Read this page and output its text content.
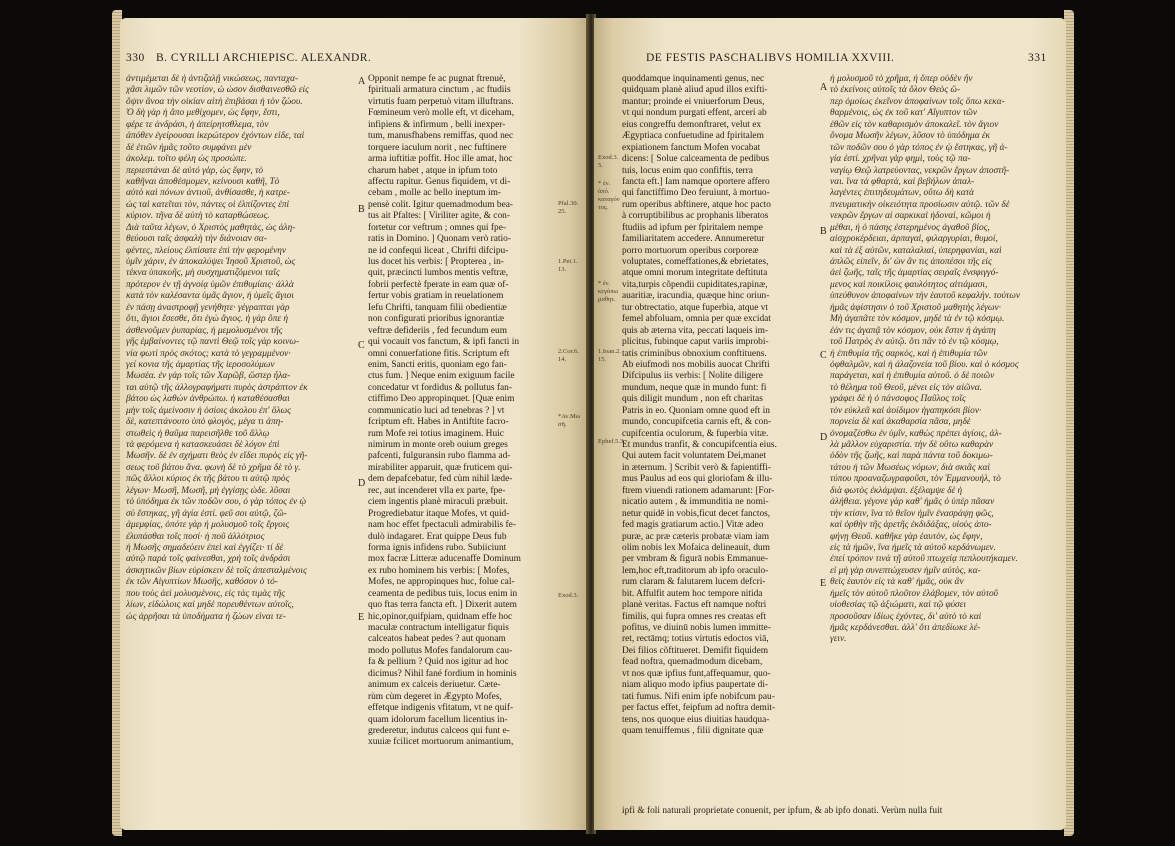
330 B. CYRILLI ARCHIEPISC. ALEXANDR.
ἀντιμέμεται δὲ ἡ ἀντιζαλῇ νικώσεως, πανταχα-
χᾶσι λιμῶν τῶν νεοτίον, ὡ ὡσον δισθαινεσθῶ εἰς
ὄψιν ἄνοα τὴν οἰκίαν αἰτὴ ἐπιβάσαι ἡ τὸν ζώου.
Ὁ δὴ γὰρ ἡ ἄπο μεθίχομεν, ὡς ἔφην, ἔστι,
φέρε τε ἀνδράσι, ἡ ἀπείρητσθλεμα, τὸν
ἀπόθεν ἐγείρουσαι ἱκερώτερον ἐχόντων εἶδε, ταὶ
δὲ ἐτιῶν ἡμᾶς τοῦτο συμφάνει μὲν
ἀκολεμ. τοῖτο φέλη ὡς προσώπε.
περιεστάναι δὲ αὐτό γὰρ, ὡς ἔφην, τὸ
καθῆναι ἀποθέσμομεν, κείνουσι καθῆ, Τὸ
αὐτὸ καὶ πόνων ἀντιοῦ, ἀνθίσασθε, ἡ κατρε-
ὡς ταὶ κατεῖται τὸν, πάντες οἱ ἐλπίζοντες ἐπὶ
κύριον. τῆνα δὲ αὐτὴ τὸ καταρθώσεως.
Διὰ ταῦτα λέγων, ὁ Χριστὸς μαθητὰς, ὡς ἀλη-
θεύουσι ταῖς ἀσφαλὴ τὴν διάνοιαν σα-
φέντες, πλείους ἐλπίσατε ἐπὶ τὴν φερομένην
ὑμῖν χάριν, ἐν ἀποκαλύψει Ἰησοῦ Χριστοῦ, ὡς
τέκνα ὑπακοῆς, μὴ συσχηματιζόμενοι ταῖς
πρότερον ἐν τῇ ἀγνοίᾳ ὑμῶν ἐπιθυμίαις· ἀλλὰ
κατὰ τὸν καλέσαντα ὑμᾶς ἅγιον, ἡ ὑμεῖς ἅγιοι
ἐν πάσῃ ἀναστροφῇ γενήθητε· γέγραπται γὰρ
ὅτι, ἅγιοι ἔσεσθε, ὅτι ἐγὼ ἅγιος. ἡ γὰρ ὅπε ἡ
ἀσθενοῦμεν ῥυπαρίας, ἡ μεμολυσμένοι τῆς
γῆς ἐμβαίνοντες τῷ παντὶ Θεῷ τοῖς γὰρ κοινω-
νία φωτὶ πρὸς σκότος; κατὰ τὸ γεγραμμένον·
γεί κονια τῆς ἁμαρτίας τῆς ἱεροσολύμων
Μωσέα. ἐν γὰρ τοῖς τῶν Χαρῶβ, ὥστερ ἦλα-
ται αὐτῷ τῆς ἀλλογραφήματι πυρὸς ἀστράπτον ἐκ
βάτου ὡς λαθὼν ἀνθρώπω. ἡ καταθέσασθαι
μὴν τοῖς ἀμείνοσιν ἡ ὁσίοις ἀκολου ἐπ' ὅλως
δὲ, κατεπτάνουτο ὑπὸ φλογὸς, μέγα τι ἀπη-
στωθεὶς ἡ θαῦμα παρεισῆλθε τοῦ ἄλλῳ
τὰ φερόμενα ἡ κατασκευάσει δὲ λόγον ἐπὶ
Μωσῆν. δὲ ἐν σχήματι θεὸς ἐν εἴδει πυρὸς εἰς γῆ-
σεως τοῦ βάτου ἄνα. φωνὴ δὲ τὸ χρῆμα δὲ τὸ γ.
πῶς ἄλλοι κύριος ἐκ τῆς βάτου τι αὐτῷ πρὸς
λέγων· Μωσῆ, Μωσῆ, μὴ ἐγγίσῃς ὧδε. λῦσαι
τὸ ὑπόδημα ἐκ τῶν ποδῶν σου, ὁ γὰρ τόπος ἐν ᾧ
σὺ ἕστηκας, γῆ ἁγία ἐστί. φεῦ σοι αὐτῷ, ζῶ-
ἀμεμφίας, ὁπότε γὰρ ἡ μολυσμοῦ τοῖς ἔργοις
ἐλυπάσθαι τοῖς ποσί· ἡ ποῦ ἀλλότριος
ἡ Μωσῆς σημαδεύειν ἐπεὶ καὶ ἐγγίζει· τί δὲ
αὐτῷ παρὰ τοῖς φαίνεσθαι, χρὴ τοῖς ἀνδράσι
ἀσκητικῶν βίων εὑρίσκειν δὲ τοῖς ἀπεσταλμένοις
ἐκ τῶν Αἰγυπτίων Μωσῆς, καθόσον ὁ τό-
που τοὺς ἀεὶ μολυσμένοις, εἰς τὰς τιμὰς τῆς
λίων, εἰδώλοις καὶ μηδὲ πορευθέντων αὐτοῖς,
ὡς ἀρρῆσαι τὰ ὑποδήματα ἡ ζώων εἶναι τε-
Opponit nempe fe ac pugnat ftrenuè,
fpirituali armatura cinctum , ac ftudiis
virtutis fuam perpetuò vitam illuftrans.
Fœmineum verò molle eft, vt diceham,
infipiens & infirmum , belli inexper-
tum, manusfhabens remiffas, quod nec
torquere iaculum norit , nec fuftinere
arma iuftitiæ poffit. Hoc ille amat, hoc
charum habet , atque in ipfum toto
affectu rapitur. Genus fiquidem, vt di-
cebam , molle ac bello ineptum im-
pensè colit. Igitur quemadmodum bea-
tus ait Pfaltes: [ Viriliter agite, & con-
fortetur cor veftrum ; omnes qui fpe-
ratis in Domino. ] Quonam verò ratio-
ne id confequi liceat , Chrifti difcipu-
lus docet his verbis: [ Propterea , in-
quit, præcincti lumbos mentis veftræ,
fobrii perfectè fperate in eam quæ of-
fertur vobis gratiam in reuelationem
Iefu Chrifti, tanquam filii obedientiæ
non configurati prioribus ignorantiæ
veftræ defideriis , fed fecundum eum
qui vocauit vos fanctum, & ipfi fancti in
omni conuerfatione fitis. Scriptum eft
enim, Sancti eritis, quoniam ego fan-
ctus fum. ] Neque enim exiguum facile
concedatur vt fordidus & pollutus fan-
ctiffimo Deo appropinquet. [Quæ enim
communicatio luci ad tenebras ? ] vt
fcriptum eft. Habes in Antiftite facro-
rum Mofe rei totius imaginem. Huic
nimirum in monte oreb ouium greges
pafcenti, fulguransin rubo flamma ad-
mirabiliter apparuit, quæ fruticem qui-
dem depafcebatur, fed cùm nihil læde-
rec, aut incenderet vlla ex parte, fpe-
ciem ingentis planè miraculi præbuit.
Progrediebatur itaque Mofes, vt quid-
nam hoc effet fpectaculi admirabilis fe-
dulò indagaret. Erat quippe Deus fub
forma ignis infidens rubo. Subiiciunt
mox facræ Litteræ aducenaffe Dominum
ex rubo hominem his verbis: [ Mofes,
Mofes, ne appropinques huc, folue cal-
ceamenta de pedibus tuis, locus enim in
quo ftas terra fancta eft. ] Dixerit autem
hic,opinor,quifpiam, quidnam effe hoc
maculæ contractum intelligatur fiquis
calceatos habeat pedes ? aut quonam
modo pollutus Mofes fandalorum cau-
fa & pellium ? Quid nos igitur ad hoc
dicimus? Nihil fané fordium in hominis
animum ex calceis deriuetur. Cæte-
rùm cùm degeret in Ægypto Mofes,
effetque indigenis vfitatum, vt ne quif-
quam idolorum facellum licentius in-
grederetur, indutus calceos qui funt e-
xuuiæ fcilicet mortuorum animantium,
Pfal.30.
25.
1.Pet.1.
13.
2.Cor.6.
14.
Exod.3.
*Αν.Μω
σῆ.
A
B
C
D
E
DE FESTIS PASCHALIBVS HOMILIA XXVIII.	331
quoddamque inquinamenti genus, nec
quidquam planè aliud apud illos exifti-
mantur; proinde ei vniuerforum Deus,
vt qui nondum purgati effent, arceri ab
eius congreffu demonftraret, velut ex
Ægyptiaca confuetudine ad fpiritalem
expiationem fanctum Mofen vocabat
dicens: [ Solue calceamenta de pedibus
tuis, locus enim quo confiftis, terra
fancta eft.] Iam namque oportere affero
qui fanctiffimo Deo feruiunt, à mortuo-
rum operibus abftinere, atque hoc pacto
à corruptibilibus ac prophanis liberatos
ftudiis ad ipfum per fpiritalem nempe
familiaritatem accedere. Annumeretur
porro mortuorum operibus corporeæ
voluptates, comeffationes,& ebrietates,
atque omni morum integritate deftituta
vita,turpis cõpendii cupiditates,rapinæ,
auaritiæ, iracundia, quæque hinc oriun-
tur obtrectatio, atque fuperbia, atque vt
femel abfoluam, omnia per quæ excidat
quis ab æterna vita, peccati laqueis im-
plicitus, fubinque caput variis improbi-
tatis criminibus obnoxium conftituens.
Ab eiufmodi nos mobilis auocat Chrifti
Difcipulus iis verbis: [ Nolite diligere
mundum, neque quæ in mundo funt: fi
quis diligit mundum , non eft charitas
Patris in eo. Quoniam omne quod eft in
mundo, concupifcetia carnis eft, & con-
cupifcentia oculorum, & fuperbia vitæ.
Et mundus tranfit, & concupifcentia eius.
Qui autem facit voluntatem Dei,manet
in æternum. ] Scribit verò & fapientiffi-
mus Paulus ad eos qui gloriofam & illu-
ftrem viuendi rationem adamarunt: [For-
nicatio autem , & immunditia ne nomi-
netur quidē in vobis,ficut decet fanctos,
fed magis gratiarum actio.] Vitæ adeo
puræ, ac præ cæteris probatæ viam iam
olim nobis lex Mofaica delineauit, dum
per vmbram & figurā nobis Emmanue-
lem,hoc eft,traditorum ab ipfo oraculo-
rum claram & falutarem lucem defcri-
bit. Affulfit autem hoc tempore nitida
planè veritas. Factus eft namque noftri
fimilis, qui fupra omnes res creatas eft
pofitus, ve diuinū nobis lumen immitte-
ret, rectāmq; totius virtutis edoctos viā,
Dei filios cõftitueret. Demifit fiquidem
fead noftra, quemadmodum dicebam,
vt nos quæ ipfius funt,affequamur, quo-
niam aliquo modo ipfius paupertate di-
tati fumus. Nifi enim ipfe nobifcum pau-
per factus effet, feipfum ad noftra demit-
tens, nos quoque eius diuitias haudqua-
quam tenuiffemus , filii dignitate quæ
ἡ μολυσμοῦ τὸ χρῆμα, ἡ ὅπερ οὐδὲν ἦν
τὸ ἐκείνοις αὐτοῖς τὰ ὅλον Θεὸς ὥ-
περ ὁμοίως ἐκεῖνον ἀποφαίνων τοῖς ὅπω κεκα-
θαρμένοις, ὡς ἐκ τοῦ κατ' Αἴγυπτον τῶν
ἐθῶν εἰς τὸν καθαρισμὸν ἀποκαλεῖ. τὸν ἅγιον
ὄνομα Μωσῆν λέγων, λῦσον τὸ ὑπόδημα ἐκ
τῶν ποδῶν σου ὁ γὰρ τόπος ἐν ᾧ ἕστηκας, γῆ ἁ-
γία ἐστί. χρῆναι γὰρ φημὶ, τοὺς τῷ πα-
ναγίῳ Θεῷ λατρεύοντας, νεκρῶν ἔργων ἀποστῆ-
ναι. ἵνα τὰ φθαρτὰ, καὶ βεβήλων ἀπαλ-
λαγέντες ἐπιτηδευμάτων, οὕτω δὴ κατὰ
πνευματικὴν οἰκειότητα προσίωσιν αὐτῷ. τῶν δὲ
νεκρῶν ἔργων αἱ σαρκικαὶ ἡδοναὶ, κῶμοι ἡ
μέθαι, ἡ ὁ πάσης ἐστερημένος ἀγαθοῦ βίος,
αἰσχροκέρδειαι, ἁρπαγαὶ, φιλαργυρίαι, θυμοί,
καὶ τὰ ἐξ αὐτῶν, καταλαλιαὶ, ὑπερηφανίαι, καὶ
ἁπλῶς εἰπεῖν, δι' ὧν ἂν τις ἀποπέσοι τῆς εἰς
ἀεὶ ζωῆς, ταῖς τῆς ἁμαρτίας σειραῖς ἐνσφιγγό-
μενος καὶ ποικίλοις φαυλότητος αἰτιάμασι,
ὑπεύθυνον ἀποφαίνων τὴν ἑαυτοῦ κεφαλήν. τούτων
ἡμᾶς ἀφίστησιν ὁ τοῦ Χριστοῦ μαθητὴς λέγων·
Μὴ ἀγαπᾶτε τὸν κόσμον, μηδὲ τὰ ἐν τῷ κόσμῳ.
ἐάν τις ἀγαπᾷ τὸν κόσμον, οὐκ ἔστιν ἡ ἀγάπη
τοῦ Πατρὸς ἐν αὐτῷ. ὅτι πᾶν τὸ ἐν τῷ κόσμῳ,
ἡ ἐπιθυμία τῆς σαρκὸς, καὶ ἡ ἐπιθυμία τῶν
ὀφθαλμῶν, καὶ ἡ ἀλαζονεία τοῦ βίου. καὶ ὁ κόσμος
παράγεται, καὶ ἡ ἐπιθυμία αὐτοῦ. ὁ δὲ ποιῶν
τὸ θέλημα τοῦ Θεοῦ, μένει εἰς τὸν αἰῶνα.
γράφει δὲ ἡ ὁ πάνσοφος Παῦλος τοῖς
τὸν εὐκλεᾶ καὶ ἀοίδιμον ἠγαπηκόσι βίον·
πορνεία δὲ καὶ ἀκαθαρσία πᾶσα, μηδὲ
ὀνομαζέσθω ἐν ὑμῖν, καθὼς πρέπει ἁγίοις, ἀλ-
λὰ μᾶλλον εὐχαριστία. τὴν δὲ οὕτω καθαρὰν
ὁδὸν τῆς ζωῆς, καὶ παρὰ πάντα τοῦ δοκιμω-
τάτου ἡ τῶν Μωσέως νόμων, διὰ σκιᾶς καὶ
τύπου προαναζωγραφοῦσι, τὸν Ἐμμανουὴλ, τὸ
διὰ φωτὸς ἐκλάμψαι. ἐξέλαμψε δὲ ἡ
ἀλήθεια. γέγονε γὰρ καθ' ἡμᾶς ὁ ὑπὲρ πᾶσαν
τὴν κτίσιν, ἵνα τὸ θεῖον ἡμῖν ἐνασράψῃ φῶς,
καὶ ὀρθὴν τῆς ἀρετῆς ἐκδιδάξας, υἱοὺς ἀπο-
φήνῃ Θεοῦ. καθῆκε γὰρ ἑαυτὸν, ὡς ἔφην,
εἰς τὰ ἡμῶν, ἵνα ἡμεῖς τὰ αὐτοῦ κερδάνωμεν.
ἐπεί τρόπον τινὰ τῇ αὐτοῦ πτωχείᾳ πεπλουτήκαμεν.
εἰ μὴ γὰρ συνεπτώχευσεν ἡμῖν αὐτὸς, κα-
θεὶς ἑαυτὸν εἰς τὰ καθ' ἡμᾶς, οὐκ ἂν
ἡμεῖς τὸν αὐτοῦ πλοῦτον ἐλάβομεν, τὸν αὐτοῦ
υἱοθεσίας τῷ ἀξιώματι, καὶ τῷ φύσει
προσοῦσαν ἰδίως ἐχόντες, δι' αὐτὸ τὸ καὶ
ἡμᾶς κερδάνεσθαι. ἀλλ' ὅτι ἀπεδίωκε λέ-
γειν.
Exod.3.
5.
1.Ioan.2.
15.
Ephef.5.3.
* ἐν.
ἀπό.
καταγόν
τος.
* ἐν.
κεγάπω
μαθητ.
A
B
C
D
E
ipfi & foli naturali proprietate conuenit, per ipfum, & ab ipfo donati. Verùm nulla fuit
